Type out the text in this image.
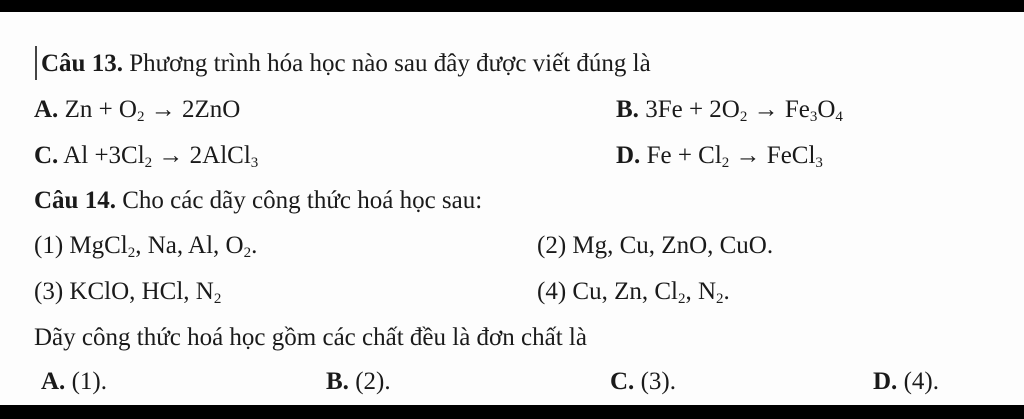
Câu 13. Phương trình hóa học nào sau đây được viết đúng là
A. $Zn + O_2 \to 2ZnO$	B. $3Fe + 2O_2 \to Fe_3O_4$
C. $Al +3Cl_2$ → 2AlCl$_3$	D. $Fe + Cl_2$ → FeCl$_3$
Câu 14. Cho các dãy công thức hoá học sau:
(1) MgCl$_2$, Na, Al, $O_2$.	(2) Mg, Cu, ZnO, CuO.
(3) KClO, HCl, $N_2$	(4) Cu, Zn, $Cl_2$, $N_2$.
Dãy công thức hoá học gồm các chất đều là đơn chất là
A. (1).	B. (2).	C. (3).	D. (4).
